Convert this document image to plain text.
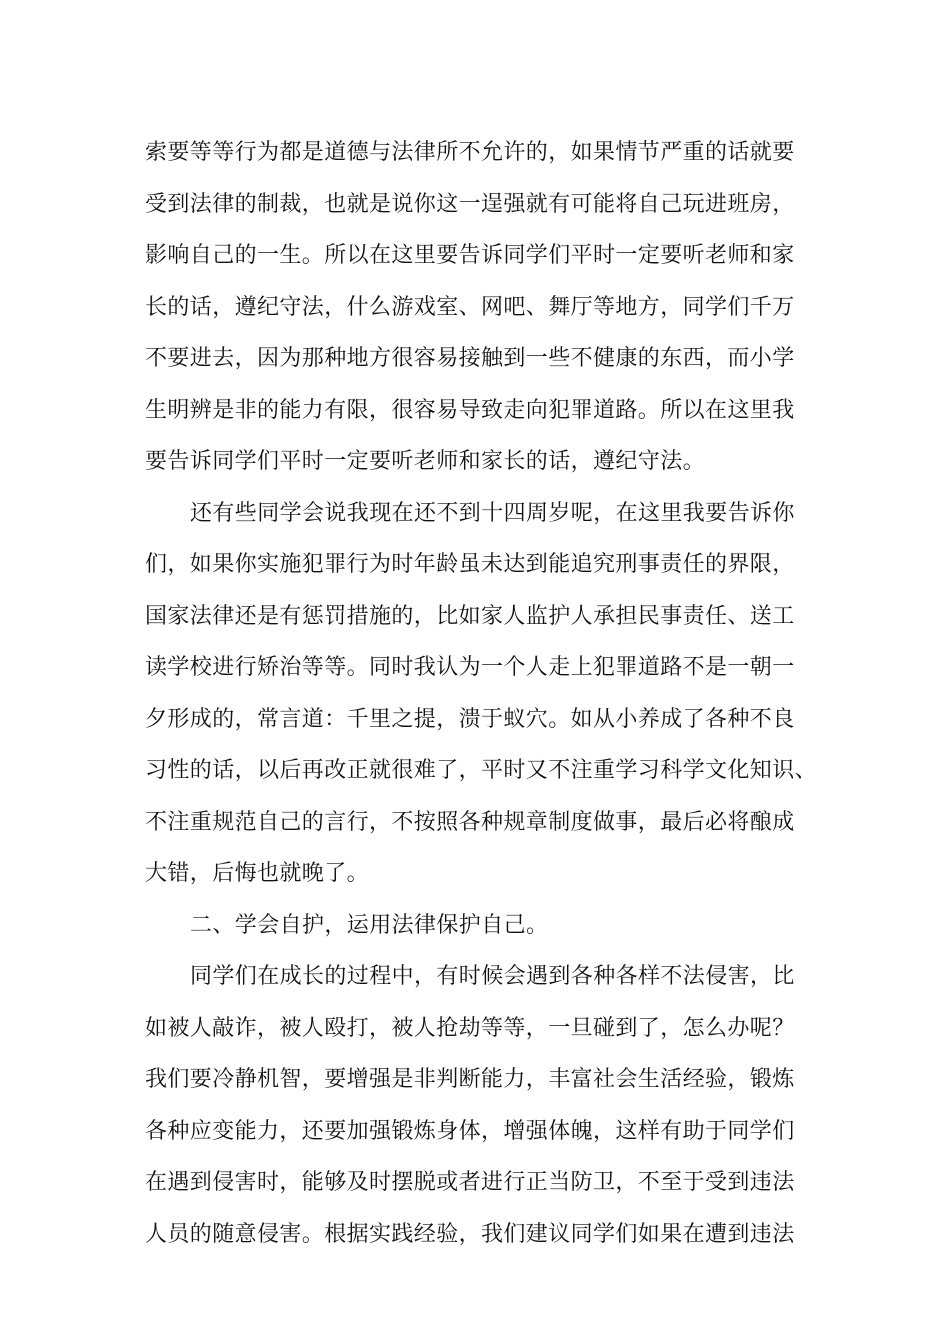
索要等等行为都是道德与法律所不允许的，如果情节严重的话就要
受到法律的制裁，也就是说你这一逞强就有可能将自己玩进班房，
影响自己的一生。所以在这里要告诉同学们平时一定要听老师和家
长的话，遵纪守法，什么游戏室、网吧、舞厅等地方，同学们千万
不要进去，因为那种地方很容易接触到一些不健康的东西，而小学
生明辨是非的能力有限，很容易导致走向犯罪道路。所以在这里我
要告诉同学们平时一定要听老师和家长的话，遵纪守法。
还有些同学会说我现在还不到十四周岁呢，在这里我要告诉你
们，如果你实施犯罪行为时年龄虽未达到能追究刑事责任的界限，
国家法律还是有惩罚措施的，比如家人监护人承担民事责任、送工
读学校进行矫治等等。同时我认为一个人走上犯罪道路不是一朝一
夕形成的，常言道：千里之提，溃于蚁穴。如从小养成了各种不良
习性的话，以后再改正就很难了，平时又不注重学习科学文化知识、
不注重规范自己的言行，不按照各种规章制度做事，最后必将酿成
大错，后悔也就晚了。
二、学会自护，运用法律保护自己。
同学们在成长的过程中，有时候会遇到各种各样不法侵害，比
如被人敲诈，被人殴打，被人抢劫等等，一旦碰到了，怎么办呢？
我们要冷静机智，要增强是非判断能力，丰富社会生活经验，锻炼
各种应变能力，还要加强锻炼身体，增强体魄，这样有助于同学们
在遇到侵害时，能够及时摆脱或者进行正当防卫，不至于受到违法
人员的随意侵害。根据实践经验，我们建议同学们如果在遭到违法
